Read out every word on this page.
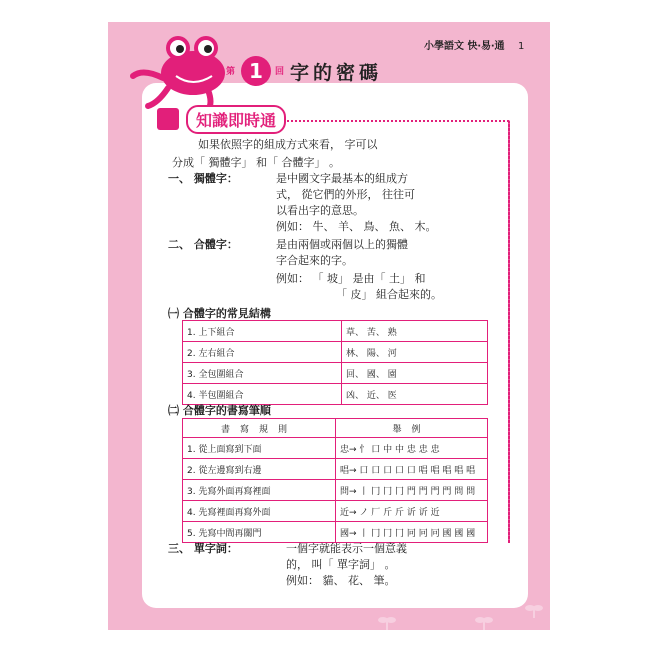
小學語文 快‧易‧通 1
第 1	回 字的密碼
知識即時通
如果依照字的組成方式來看， 字可以
分成「 獨體字」 和「 合體字」 。
一、 獨體字：	是中國文字最基本的組成方
式， 從它們的外形， 往往可
以看出字的意思。
例如： 牛、 羊、 鳥、 魚、 木。
二、 合體字：	是由兩個或兩個以上的獨體
字合起來的字。
例如： 「 坡」 是由「 土」 和
「 皮」 組合起來的。
㈠ 合體字的常見結構
1. 上下組合	草、 苦、 熟
2. 左右組合	林、 陽、 河
3. 全包圍組合	回、 國、 園
4. 半包圍組合	凶、 近、 医
㈡ 合體字的書寫筆順
書寫規則	舉例
1. 從上面寫到下面	忠→ 忄 口 中 中 忠 忠 忠
2. 從左邊寫到右邊	唱→ 口 口 口 口 口 唱 唱 唱 唱 唱
3. 先寫外面再寫裡面	問→ 丨 冂 冂 冂 門 門 門 門 問 問
4. 先寫裡面再寫外面	近→ ノ 厂 斤 斤 䜣 䜣 近
5. 先寫中間再關門	國→ 丨 冂 冂 冂 冋 冋 冋 國 國 國
三、 單字詞：	一個字就能表示一個意義
的， 叫「 單字詞」 。
例如： 貓、 花、 筆。
